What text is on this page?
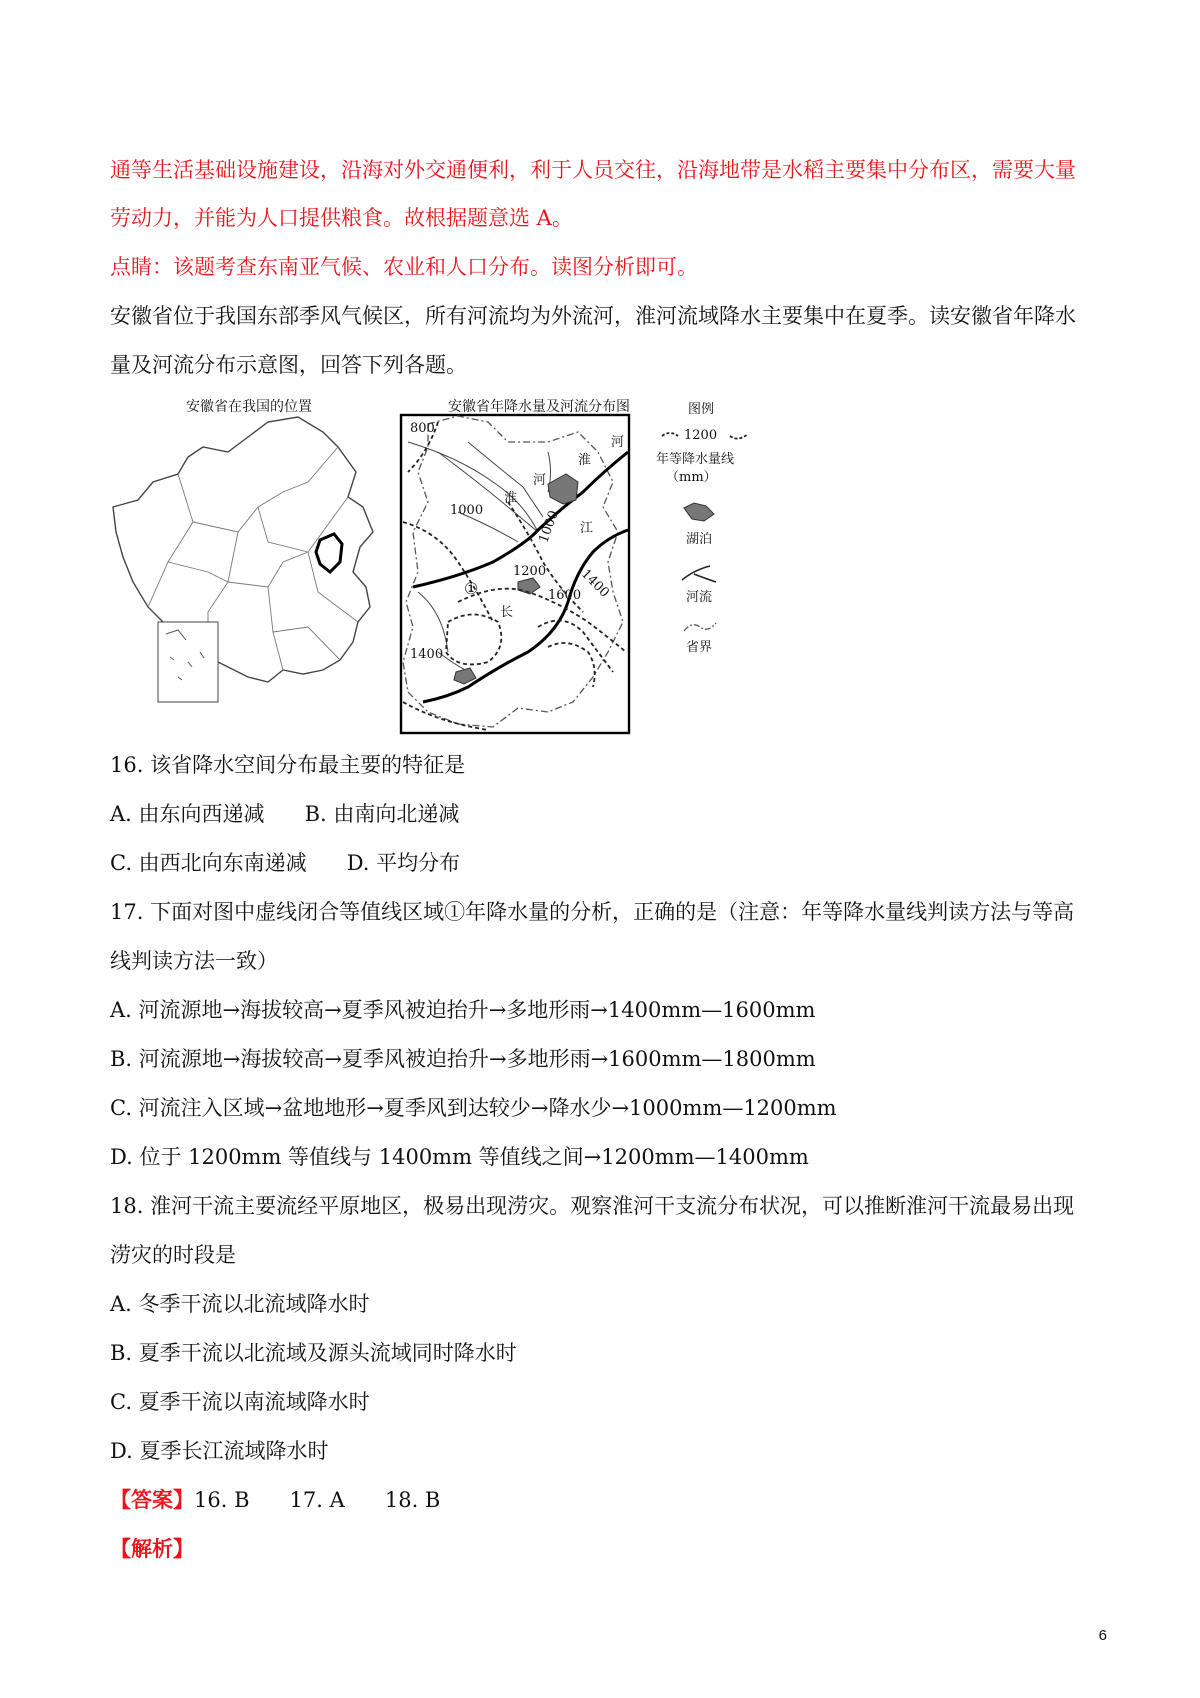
通等生活基础设施建设，沿海对外交通便利，利于人员交往，沿海地带是水稻主要集中分布区，需要大量
劳动力，并能为人口提供粮食。故根据题意选 A。
点睛：该题考查东南亚气候、农业和人口分布。读图分析即可。
安徽省位于我国东部季风气候区，所有河流均为外流河，淮河流域降水主要集中在夏季。读安徽省年降水
量及河流分布示意图，回答下列各题。
安徽省在我国的位置	安徽省年降水量及河流分布图
800
1000	1000
1200 1400
1600
1400
①
淮
河
淮
河
江
长
图例
1200
年等降水量线
（mm）
湖泊
河流
省界
16. 该省降水空间分布最主要的特征是
A. 由东向西递减      B. 由南向北递减
C. 由西北向东南递减      D. 平均分布
17. 下面对图中虚线闭合等值线区域①年降水量的分析，正确的是（注意：年等降水量线判读方法与等高
线判读方法一致）
A. 河流源地→海拔较高→夏季风被迫抬升→多地形雨→1400mm—1600mm
B. 河流源地→海拔较高→夏季风被迫抬升→多地形雨→1600mm—1800mm
C. 河流注入区域→盆地地形→夏季风到达较少→降水少→1000mm—1200mm
D. 位于 1200mm 等值线与 1400mm 等值线之间→1200mm—1400mm
18. 淮河干流主要流经平原地区，极易出现涝灾。观察淮河干支流分布状况，可以推断淮河干流最易出现
涝灾的时段是
A. 冬季干流以北流域降水时
B. 夏季干流以北流域及源头流域同时降水时
C. 夏季干流以南流域降水时
D. 夏季长江流域降水时
【答案】16. B      17. A      18. B
【解析】
6
